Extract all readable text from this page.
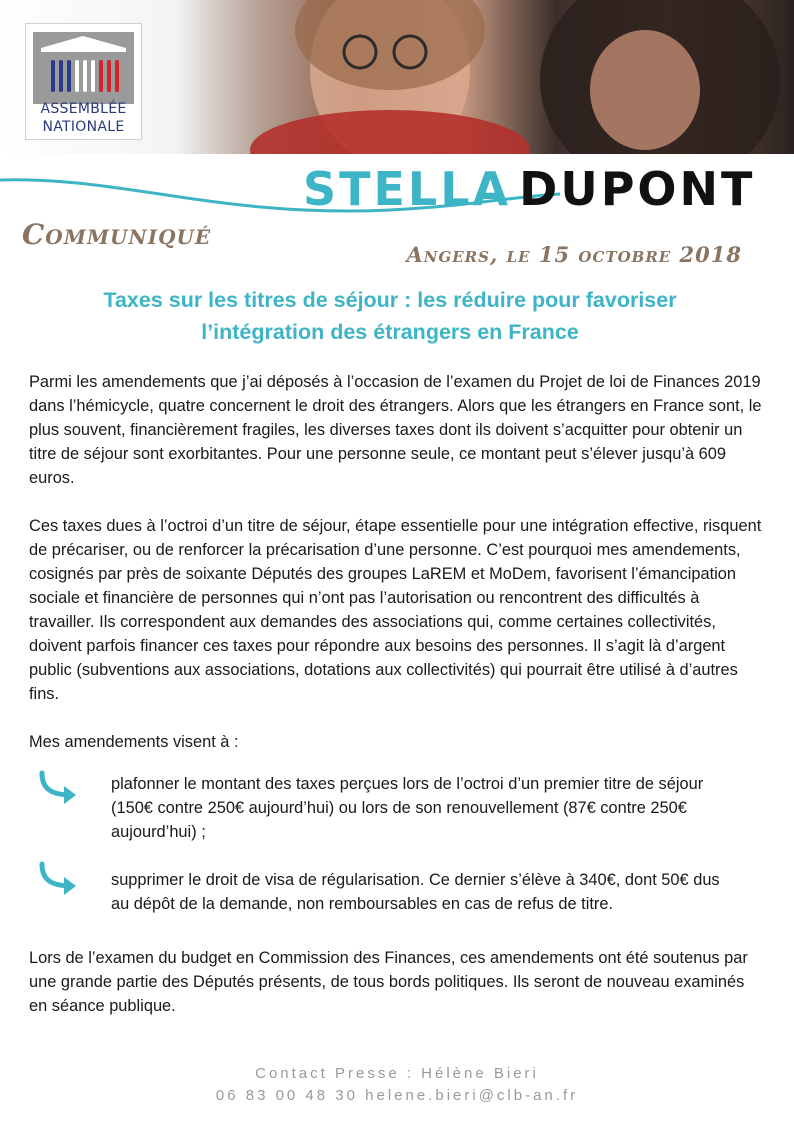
ASSEMBLÉE
NATIONALE
STELLA DUPONT
Communiqué
Angers, le 15 octobre 2018
Taxes sur les titres de séjour : les réduire pour favoriser
l’intégration des étrangers en France

Parmi les amendements que j’ai déposés à l’occasion de l’examen du Projet de loi de Finances 2019 dans l’hémicycle, quatre concernent le droit des étrangers. Alors que les étrangers en France sont, le plus souvent, financièrement fragiles, les diverses taxes dont ils doivent s’acquitter pour obtenir un titre de séjour sont exorbitantes. Pour une personne seule, ce montant peut s’élever jusqu’à 609 euros.

Ces taxes dues à l’octroi d’un titre de séjour, étape essentielle pour une intégration effective, risquent de précariser, ou de renforcer la précarisation d’une personne. C’est pourquoi mes amendements, cosignés par près de soixante Députés des groupes LaREM et MoDem, favorisent l’émancipation sociale et financière de personnes qui n’ont pas l’autorisation ou rencontrent des difficultés à travailler. Ils correspondent aux demandes des associations qui, comme certaines collectivités, doivent parfois financer ces taxes pour répondre aux besoins des personnes. Il s’agit là d’argent public (subventions aux associations, dotations aux collectivités) qui pourrait être utilisé à d’autres fins.

Mes amendements visent à :

plafonner le montant des taxes perçues lors de l’octroi d’un premier titre de séjour (150€ contre 250€ aujourd’hui) ou lors de son renouvellement (87€ contre 250€ aujourd’hui) ;

supprimer le droit de visa de régularisation. Ce dernier s’élève à 340€, dont 50€ dus au dépôt de la demande, non remboursables en cas de refus de titre.

Lors de l’examen du budget en Commission des Finances, ces amendements ont été soutenus par une grande partie des Députés présents, de tous bords politiques. Ils seront de nouveau examinés en séance publique.

Contact Presse : Hélène Bieri
06 83 00 48 30 helene.bieri@clb-an.fr
